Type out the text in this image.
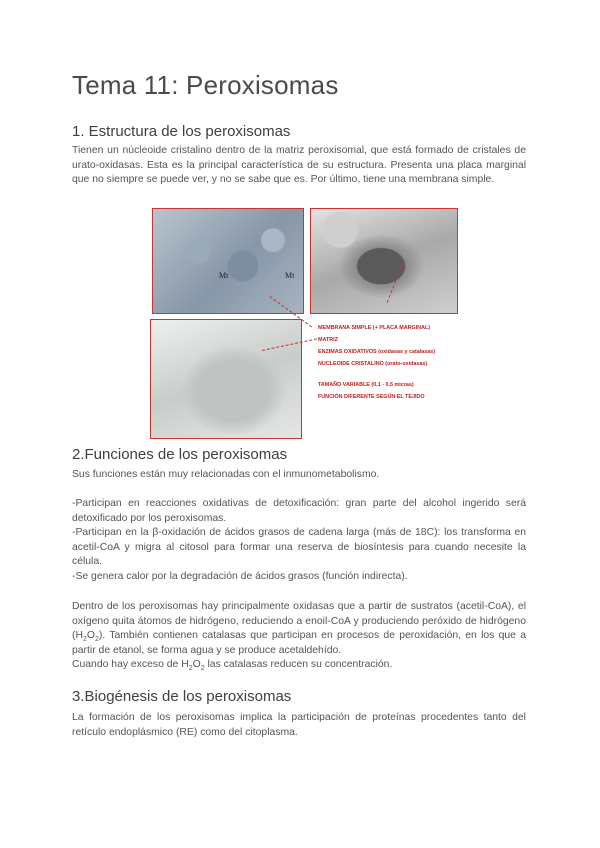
Tema 11: Peroxisomas
1. Estructura de los peroxisomas

Tienen un núcleoide cristalino dentro de la matriz peroxisomal, que está formado de cristales de urato-oxidasas. Esta es la principal característica de su estructura. Presenta una placa marginal que no siempre se puede ver, y no se sabe que es. Por último, tiene una membrana simple.

Mt	Mt
MEMBRANA SIMPLE (+ PLACA MARGINAL)
MATRIZ
ENZIMAS OXIDATIVOS (oxidasas y catalasas)
NUCLEOIDE CRISTALINO (urato-oxidasas)
TAMAÑO VARIABLE (0,1 - 0,5 micras)
FUNCIÓN DIFERENTE SEGÚN EL TEJIDO
2.Funciones de los peroxisomas

Sus funciones están muy relacionadas con el inmunometabolismo.

-Participan en reacciones oxidativas de detoxificación: gran parte del alcohol ingerido será detoxificado por los peroxisomas.

-Participan en la β-oxidación de ácidos grasos de cadena larga (más de 18C): los transforma en acetil-CoA y migra al citosol para formar una reserva de biosíntesis para cuando necesite la célula.

-Se genera calor por la degradación de ácidos grasos (función indirecta).

Dentro de los peroxisomas hay principalmente oxidasas que a partir de sustratos (acetil-CoA), el oxígeno quita átomos de hidrógeno, reduciendo a enoil-CoA y produciendo peróxido de hidrógeno $(H_2O_2)$. También contienen catalasas que participan en procesos de peroxidación, en los que a partir de etanol, se forma agua y se produce acetaldehído.
Cuando hay exceso de $H_2O_2$ las catalasas reducen su concentración.

3.Biogénesis de los peroxisomas

La formación de los peroxisomas implica la participación de proteínas procedentes tanto del retículo endoplásmico (RE) como del citoplasma.
